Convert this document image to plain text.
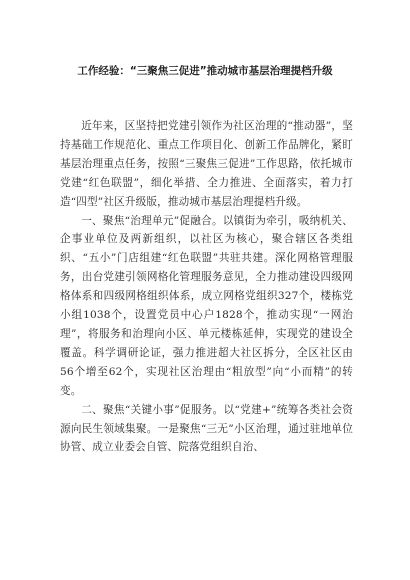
工作经验：“三聚焦三促进”推动城市基层治理提档升级

近年来，区坚持把党建引领作为社区治理的“推动器”，坚持基础工作规范化、重点工作项目化、创新工作品牌化，紧盯基层治理重点任务，按照“三聚焦三促进”工作思路，依托城市党建“红色联盟”，细化举措、全力推进、全面落实，着力打造“四型”社区升级版，推动城市基层治理提档升级。

一、聚焦“治理单元”促融合。以镇街为牵引，吸纳机关、企事业单位及两新组织，以社区为核心，聚合辖区各类组织、“五小”门店组建“红色联盟”共驻共建。深化网格管理服务，出台党建引领网格化管理服务意见，全力推动建设四级网格体系和四级网格组织体系，成立网格党组织327个，楼栋党小组1038个，设置党员中心户1828个，推动实现“一网治理”，将服务和治理向小区、单元楼栋延伸，实现党的建设全覆盖。科学调研论证，强力推进超大社区拆分，全区社区由56个增至62个，实现社区治理由“粗放型”向“小而精”的转变。

二、聚焦“关键小事”促服务。以“党建+”统筹各类社会资源向民生领域集聚。一是聚焦“三无”小区治理，通过驻地单位协管、成立业委会自管、院落党组织自治、
